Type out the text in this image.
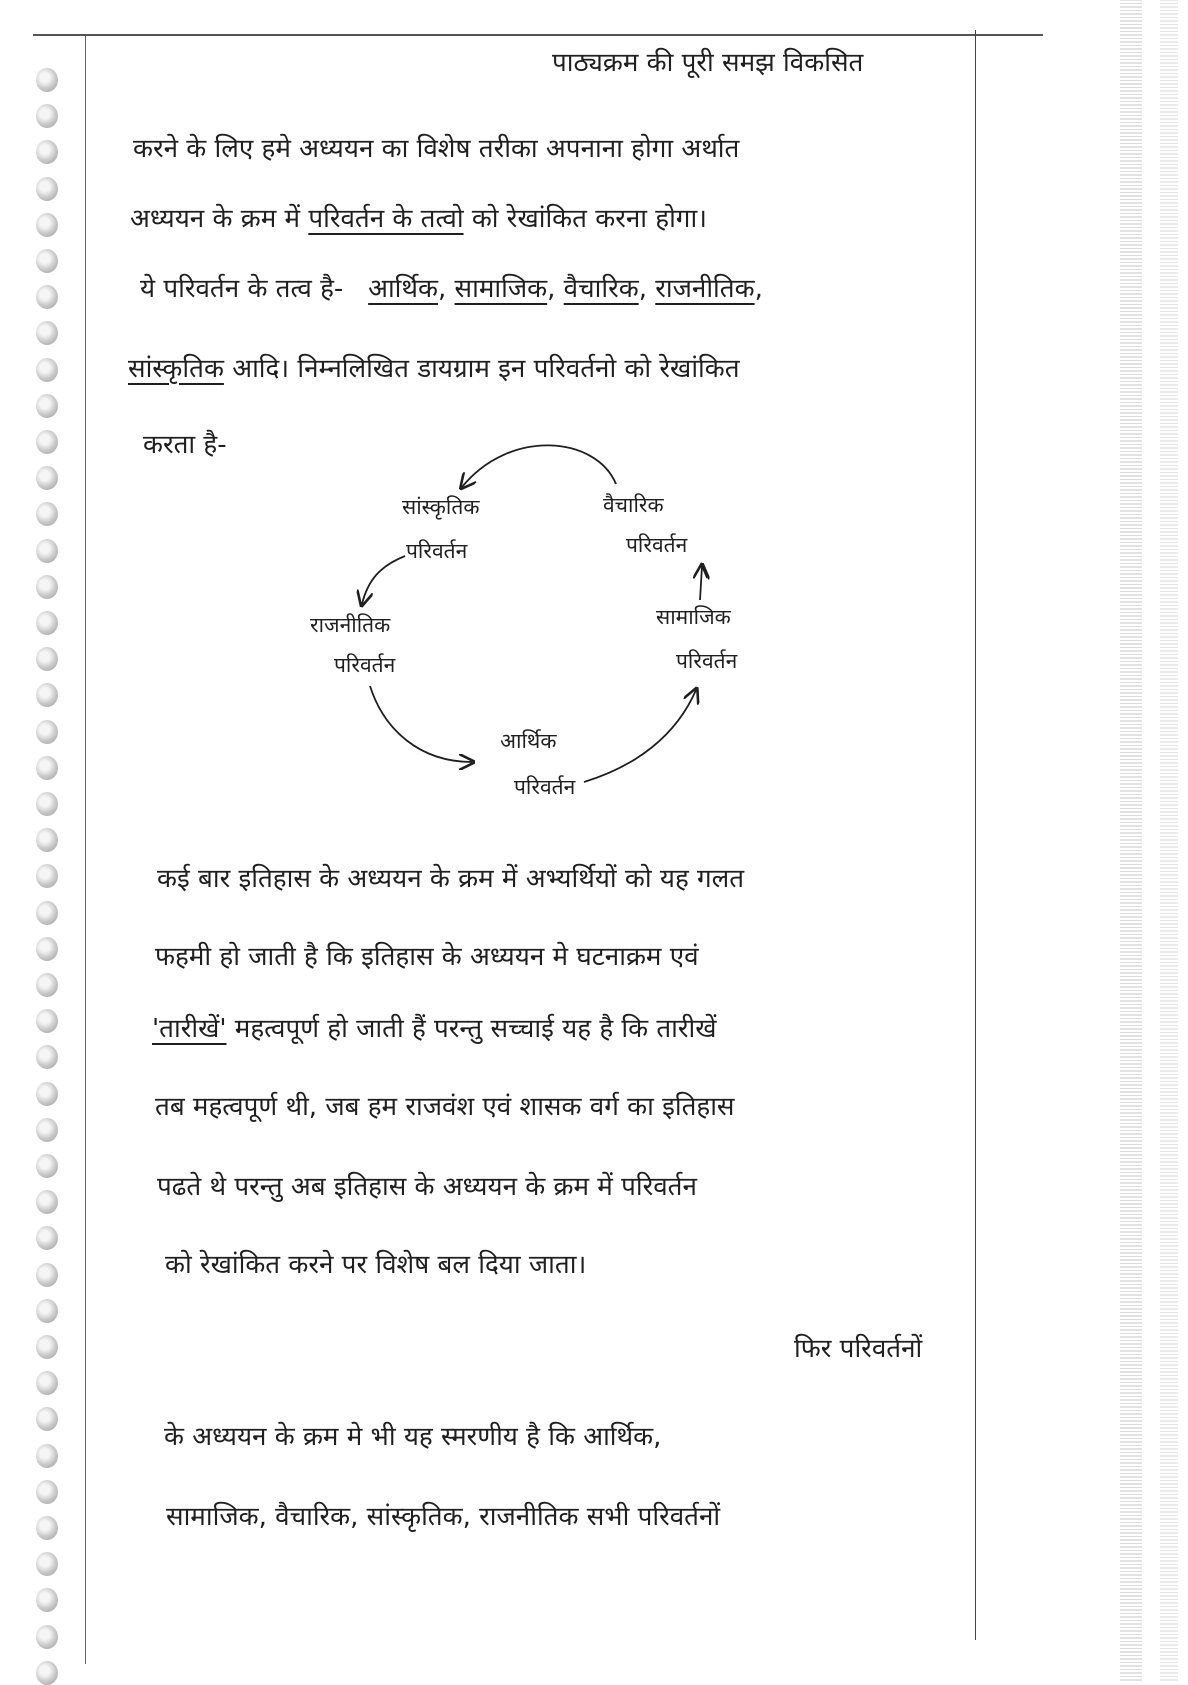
पाठ्यक्रम की पूरी समझ विकसित
करने के लिए हमे अध्ययन का विशेष तरीका अपनाना होगा अर्थात
अध्ययन के क्रम में परिवर्तन के तत्वो को रेखांकित करना होगा।
ये परिवर्तन के तत्व है- आर्थिक, सामाजिक, वैचारिक, राजनीतिक,
सांस्कृतिक आदि। निम्नलिखित डायग्राम इन परिवर्तनो को रेखांकित
करता है-
सांस्कृतिक
परिवर्तन
वैचारिक
परिवर्तन
राजनीतिक
परिवर्तन
सामाजिक
परिवर्तन
आर्थिक
परिवर्तन
कई बार इतिहास के अध्ययन के क्रम में अभ्यर्थियों को यह गलत
फहमी हो जाती है कि इतिहास के अध्ययन मे घटनाक्रम एवं
'तारीखें' महत्वपूर्ण हो जाती हैं परन्तु सच्चाई यह है कि तारीखें
तब महत्वपूर्ण थी, जब हम राजवंश एवं शासक वर्ग का इतिहास
पढते थे परन्तु अब इतिहास के अध्ययन के क्रम में परिवर्तन
को रेखांकित करने पर विशेष बल दिया जाता।
फिर परिवर्तनों
के अध्ययन के क्रम मे भी यह स्मरणीय है कि आर्थिक,
सामाजिक, वैचारिक, सांस्कृतिक, राजनीतिक सभी परिवर्तनों
